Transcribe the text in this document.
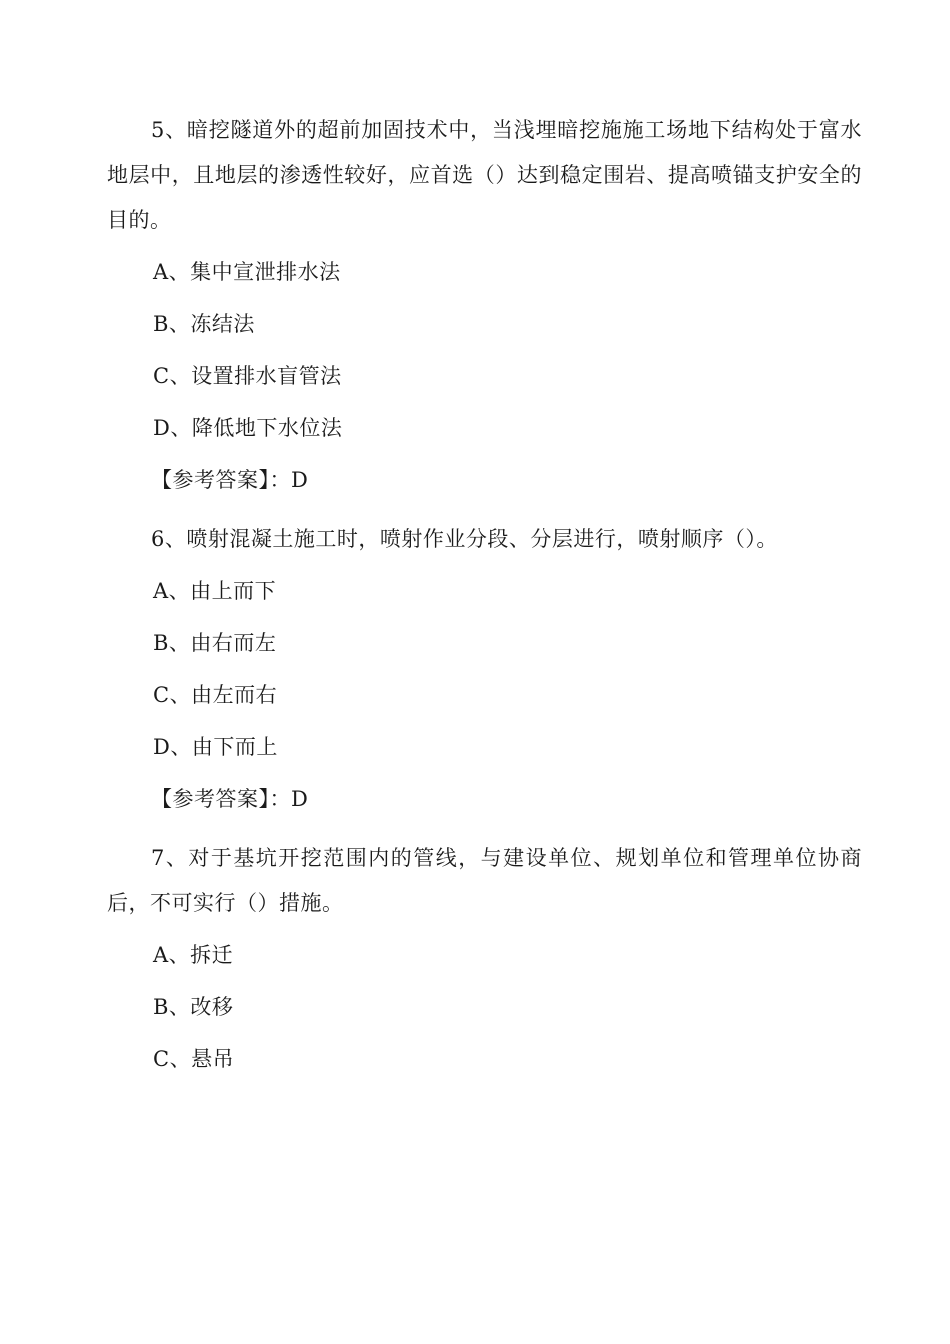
5、暗挖隧道外的超前加固技术中，当浅埋暗挖施施工场地下结构处于富水地层中，且地层的渗透性较好，应首选（）达到稳定围岩、提高喷锚支护安全的目的。

A、集中宣泄排水法
B、冻结法
C、设置排水盲管法
D、降低地下水位法
【参考答案】：D

6、喷射混凝土施工时，喷射作业分段、分层进行，喷射顺序（）。

A、由上而下
B、由右而左
C、由左而右
D、由下而上
【参考答案】：D

7、对于基坑开挖范围内的管线，与建设单位、规划单位和管理单位协商后，不可实行（）措施。

A、拆迁
B、改移
C、悬吊
